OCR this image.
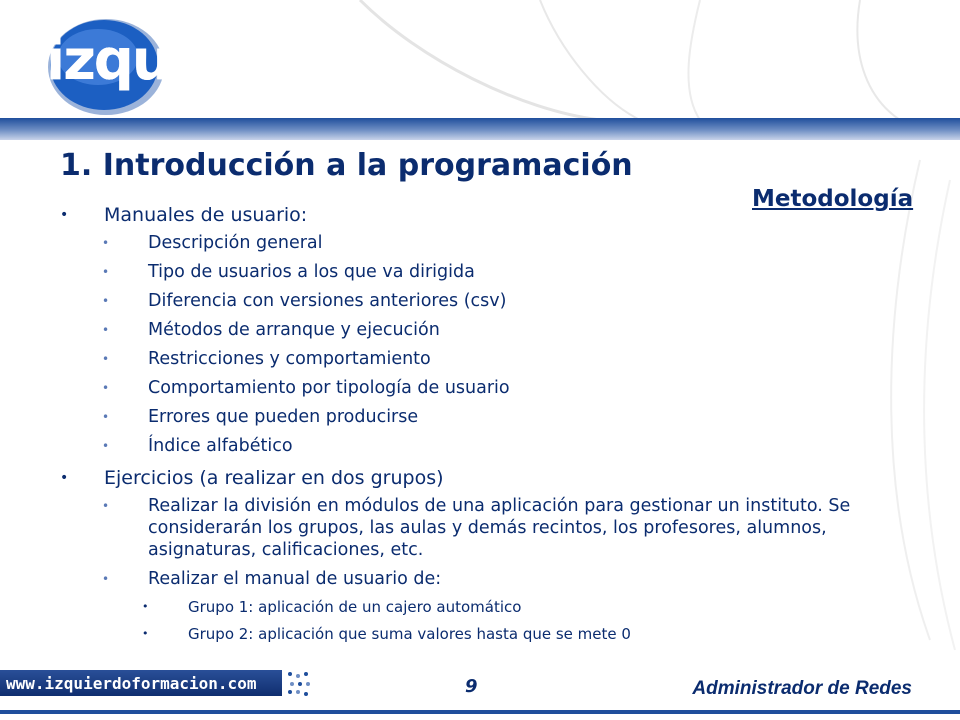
izquierdo
1. Introducción a la programación
Metodología
• Manuales de usuario:
• Descripción general
• Tipo de usuarios a los que va dirigida
• Diferencia con versiones anteriores (csv)
• Métodos de arranque y ejecución
• Restricciones y comportamiento
• Comportamiento por tipología de usuario
• Errores que pueden producirse
• Índice alfabético
• Ejercicios (a realizar en dos grupos)
• Realizar la división en módulos de una aplicación para gestionar un instituto. Se considerarán los grupos, las aulas y demás recintos, los profesores, alumnos, asignaturas, calificaciones, etc.
• Realizar el manual de usuario de:
•	Grupo 1: aplicación de un cajero automático
•	Grupo 2: aplicación que suma valores hasta que se mete 0
www.izquierdoformacion.com	9	Administrador de Redes
